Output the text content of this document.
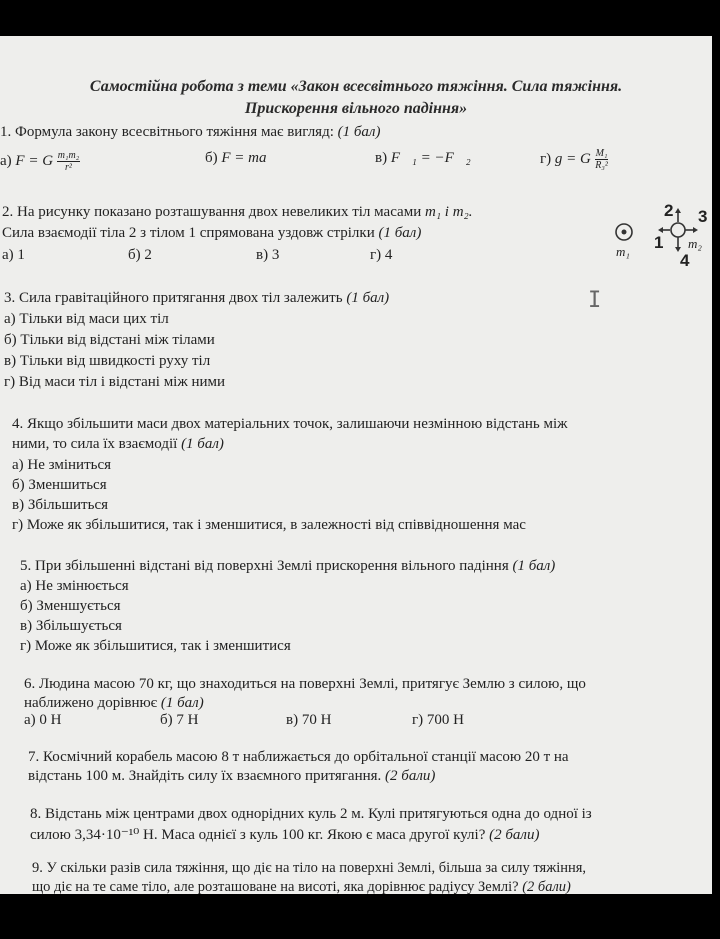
Самостійна робота з теми «Закон всесвітнього тяжіння. Сила тяжіння.
Прискорення вільного падіння»
1. Формула закону всесвітнього тяжіння має вигляд: (1 бал)
а) F = G $\frac{\text{m₁m₂}}{\text{r²}}$	б) F = ma	в) F⃗₁ = −F⃗₂	г) g = G $\frac{\text{M₁}}{\text{R₃²}}$
2. На рисунку показано розташування двох невеликих тіл масами m₁ і m₂.
Сила взаємодії тіла 2 з тілом 1 спрямована уздовж стрілки (1 бал)
а) 1	б) 2	в) 3	г) 4	m₁ 1
2 3
4
m₂
I
3. Сила гравітаційного притягання двох тіл залежить (1 бал)
а) Тільки від маси цих тіл
б) Тільки від відстані між тілами
в) Тільки від швидкості руху тіл
г) Від маси тіл і відстані між ними
4. Якщо збільшити маси двох матеріальних точок, залишаючи незмінною відстань між
ними, то сила їх взаємодії (1 бал)
а) Не зміниться
б) Зменшиться
в) Збільшиться
г) Може як збільшитися, так і зменшитися, в залежності від співвідношення мас
5. При збільшенні відстані від поверхні Землі прискорення вільного падіння (1 бал)
а) Не змінюється
б) Зменшується
в) Збільшується
г) Може як збільшитися, так і зменшитися
6. Людина масою 70 кг, що знаходиться на поверхні Землі, притягує Землю з силою, що
наближено дорівнює (1 бал)
а) 0 Н	б) 7 Н	в) 70 Н	г) 700 Н
7. Космічний корабель масою 8 т наближається до орбітальної станції масою 20 т на
відстань 100 м. Знайдіть силу їх взаємного притягання. (2 бали)
8. Відстань між центрами двох однорідних куль 2 м. Кулі притягуються одна до одної із
силою 3,34·10⁻¹⁰ Н. Маса однієї з куль 100 кг. Якою є маса другої кулі? (2 бали)
9. У скільки разів сила тяжіння, що діє на тіло на поверхні Землі, більша за силу тяжіння,
що діє на те саме тіло, але розташоване на висоті, яка дорівнює радіусу Землі? (2 бали)
